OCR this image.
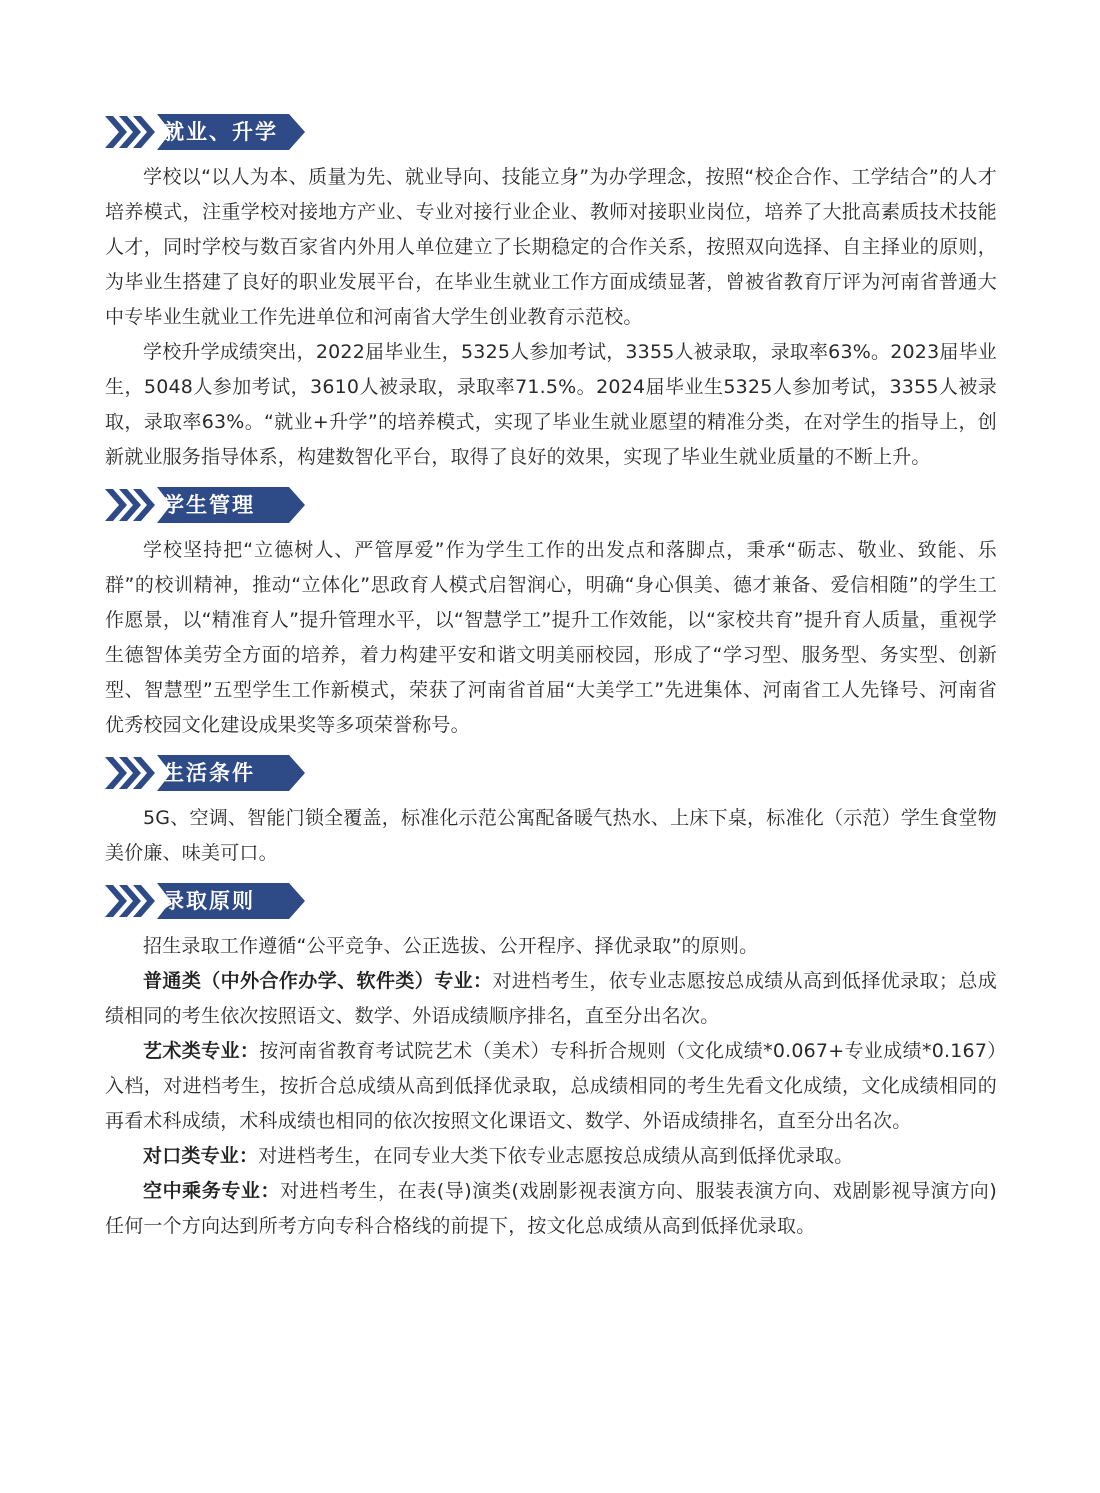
就业、升学

学校以“以人为本、质量为先、就业导向、技能立身”为办学理念，按照“校企合作、工学结合”的人才培养模式，注重学校对接地方产业、专业对接行业企业、教师对接职业岗位，培养了大批高素质技术技能人才，同时学校与数百家省内外用人单位建立了长期稳定的合作关系，按照双向选择、自主择业的原则，为毕业生搭建了良好的职业发展平台，在毕业生就业工作方面成绩显著，曾被省教育厅评为河南省普通大中专毕业生就业工作先进单位和河南省大学生创业教育示范校。

学校升学成绩突出，2022届毕业生，5325人参加考试，3355人被录取，录取率63%。2023届毕业生，5048人参加考试，3610人被录取，录取率71.5%。2024届毕业生5325人参加考试，3355人被录取，录取率63%。“就业+升学”的培养模式，实现了毕业生就业愿望的精准分类，在对学生的指导上，创新就业服务指导体系，构建数智化平台，取得了良好的效果，实现了毕业生就业质量的不断上升。

学生管理

学校坚持把“立德树人、严管厚爱”作为学生工作的出发点和落脚点，秉承“砺志、敬业、致能、乐群”的校训精神，推动“立体化”思政育人模式启智润心，明确“身心俱美、德才兼备、爱信相随”的学生工作愿景，以“精准育人”提升管理水平，以“智慧学工”提升工作效能，以“家校共育”提升育人质量，重视学生德智体美劳全方面的培养，着力构建平安和谐文明美丽校园，形成了“学习型、服务型、务实型、创新型、智慧型”五型学生工作新模式，荣获了河南省首届“大美学工”先进集体、河南省工人先锋号、河南省优秀校园文化建设成果奖等多项荣誉称号。

生活条件

5G、空调、智能门锁全覆盖，标准化示范公寓配备暖气热水、上床下桌，标准化（示范）学生食堂物美价廉、味美可口。

录取原则

招生录取工作遵循“公平竞争、公正选拔、公开程序、择优录取”的原则。

普通类（中外合作办学、软件类）专业：对进档考生，依专业志愿按总成绩从高到低择优录取；总成绩相同的考生依次按照语文、数学、外语成绩顺序排名，直至分出名次。

艺术类专业：按河南省教育考试院艺术（美术）专科折合规则（文化成绩*0.067+专业成绩*0.167）入档，对进档考生，按折合总成绩从高到低择优录取，总成绩相同的考生先看文化成绩，文化成绩相同的再看术科成绩，术科成绩也相同的依次按照文化课语文、数学、外语成绩排名，直至分出名次。

对口类专业：对进档考生，在同专业大类下依专业志愿按总成绩从高到低择优录取。

空中乘务专业：对进档考生，在表(导)演类(戏剧影视表演方向、服装表演方向、戏剧影视导演方向)任何一个方向达到所考方向专科合格线的前提下，按文化总成绩从高到低择优录取。
